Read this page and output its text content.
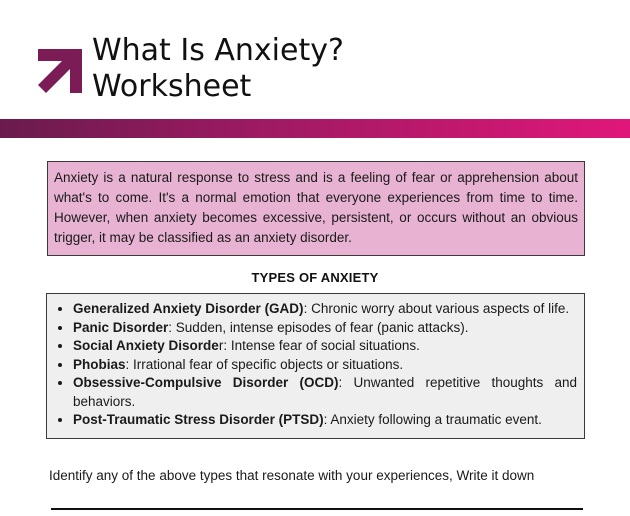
What Is Anxiety?
Worksheet
Anxiety is a natural response to stress and is a feeling of fear or apprehension about what's to come. It's a normal emotion that everyone experiences from time to time. However, when anxiety becomes excessive, persistent, or occurs without an obvious trigger, it may be classified as an anxiety disorder.
TYPES OF ANXIETY
• Generalized Anxiety Disorder (GAD): Chronic worry about various aspects of life.
• Panic Disorder: Sudden, intense episodes of fear (panic attacks).
• Social Anxiety Disorder: Intense fear of social situations.
• Phobias: Irrational fear of specific objects or situations.
• Obsessive-Compulsive Disorder (OCD): Unwanted repetitive thoughts and behaviors.
• Post-Traumatic Stress Disorder (PTSD): Anxiety following a traumatic event.

Identify any of the above types that resonate with your experiences, Write it down
